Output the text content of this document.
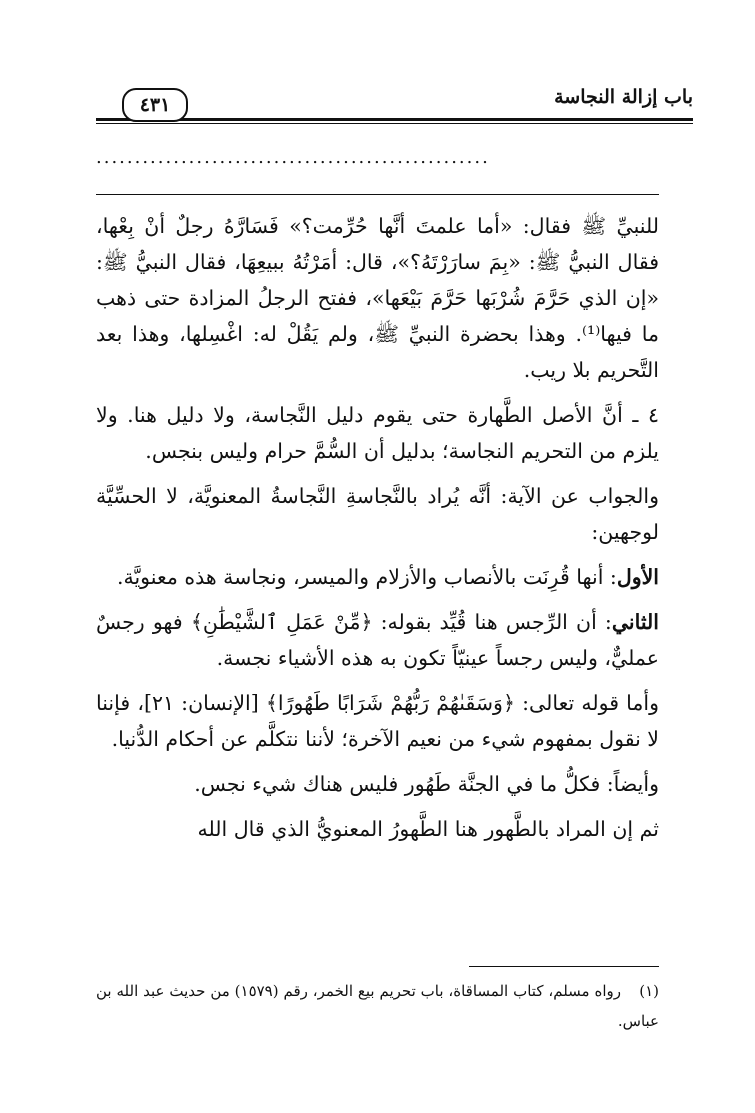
باب إزالة النجاسة
٤٣١
...................................................

للنبيِّ ﷺ فقال: «أما علمتَ أنَّها حُرِّمت؟» فَسَارَّهُ رجلٌ أنْ بِعْها، فقال النبيُّ ﷺ: «بِمَ سارَرْتَهُ؟»، قال: أمَرْتُهُ ببيعِهَا، فقال النبيُّ ﷺ: «إن الذي حَرَّمَ شُرْبَها حَرَّمَ بَيْعَها»، ففتح الرجلُ المزادة حتى ذهب ما فيها⁽¹⁾. وهذا بحضرة النبيِّ ﷺ، ولم يَقُلْ له: اغْسِلها، وهذا بعد التَّحريم بلا ريب.

٤ ـ أنَّ الأصل الطَّهارة حتى يقوم دليل النَّجاسة، ولا دليل هنا. ولا يلزم من التحريم النجاسة؛ بدليل أن السُّمَّ حرام وليس بنجس.

والجواب عن الآية: أنَّه يُراد بالنَّجاسةِ النَّجاسةُ المعنويَّة، لا الحسِّيَّة لوجهين:

الأول: أنها قُرِنَت بالأنصاب والأزلام والميسر، ونجاسة هذه معنويَّة.

الثاني: أن الرِّجس هنا قُيِّد بقوله: ﴿مِّنْ عَمَلِ ٱلشَّيْطَٰنِ﴾ فهو رجسٌ عمليٌّ، وليس رجساً عينيّاً تكون به هذه الأشياء نجسة.

وأما قوله تعالى: ﴿وَسَقَىٰهُمْ رَبُّهُمْ شَرَابًا طَهُورًا﴾ [الإنسان: ٢١]، فإننا لا نقول بمفهوم شيء من نعيم الآخرة؛ لأننا نتكلَّم عن أحكام الدُّنيا.

وأيضاً: فكلُّ ما في الجنَّة طَهُور فليس هناك شيء نجس.

ثم إن المراد بالطَّهور هنا الطَّهورُ المعنويُّ الذي قال الله

(١)رواه مسلم، كتاب المساقاة، باب تحريم بيع الخمر، رقم (١٥٧٩) من حديث عبد الله بن عباس.
